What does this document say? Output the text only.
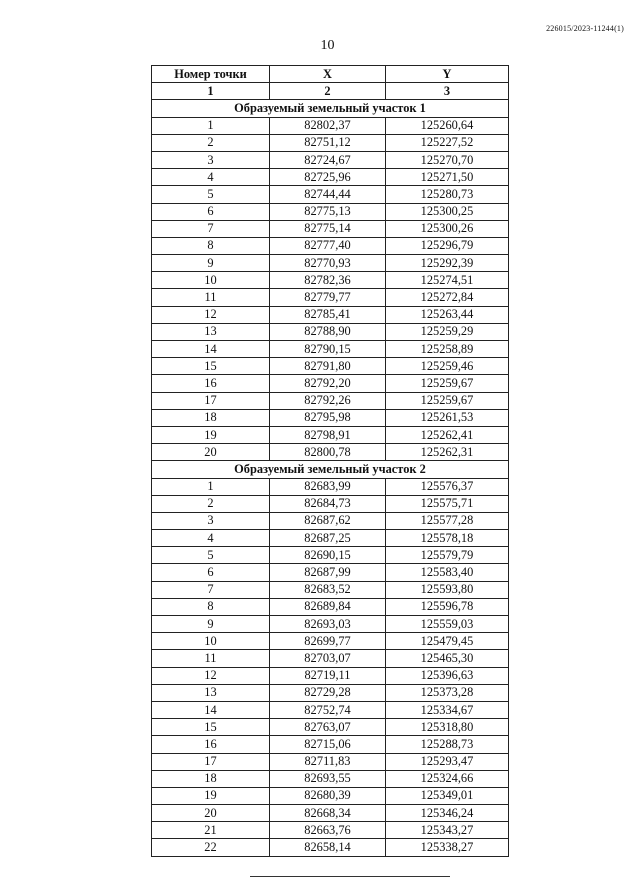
226015/2023-11244(1)
10
Номер точки	X	Y
1	2	3
Образуемый земельный участок 1		
1	82802,37	125260,64
2	82751,12	125227,52
3	82724,67	125270,70
4	82725,96	125271,50
5	82744,44	125280,73
6	82775,13	125300,25
7	82775,14	125300,26
8	82777,40	125296,79
9	82770,93	125292,39
10	82782,36	125274,51
11	82779,77	125272,84
12	82785,41	125263,44
13	82788,90	125259,29
14	82790,15	125258,89
15	82791,80	125259,46
16	82792,20	125259,67
17	82792,26	125259,67
18	82795,98	125261,53
19	82798,91	125262,41
20	82800,78	125262,31
Образуемый земельный участок 2		
1	82683,99	125576,37
2	82684,73	125575,71
3	82687,62	125577,28
4	82687,25	125578,18
5	82690,15	125579,79
6	82687,99	125583,40
7	82683,52	125593,80
8	82689,84	125596,78
9	82693,03	125559,03
10	82699,77	125479,45
11	82703,07	125465,30
12	82719,11	125396,63
13	82729,28	125373,28
14	82752,74	125334,67
15	82763,07	125318,80
16	82715,06	125288,73
17	82711,83	125293,47
18	82693,55	125324,66
19	82680,39	125349,01
20	82668,34	125346,24
21	82663,76	125343,27
22	82658,14	125338,27
